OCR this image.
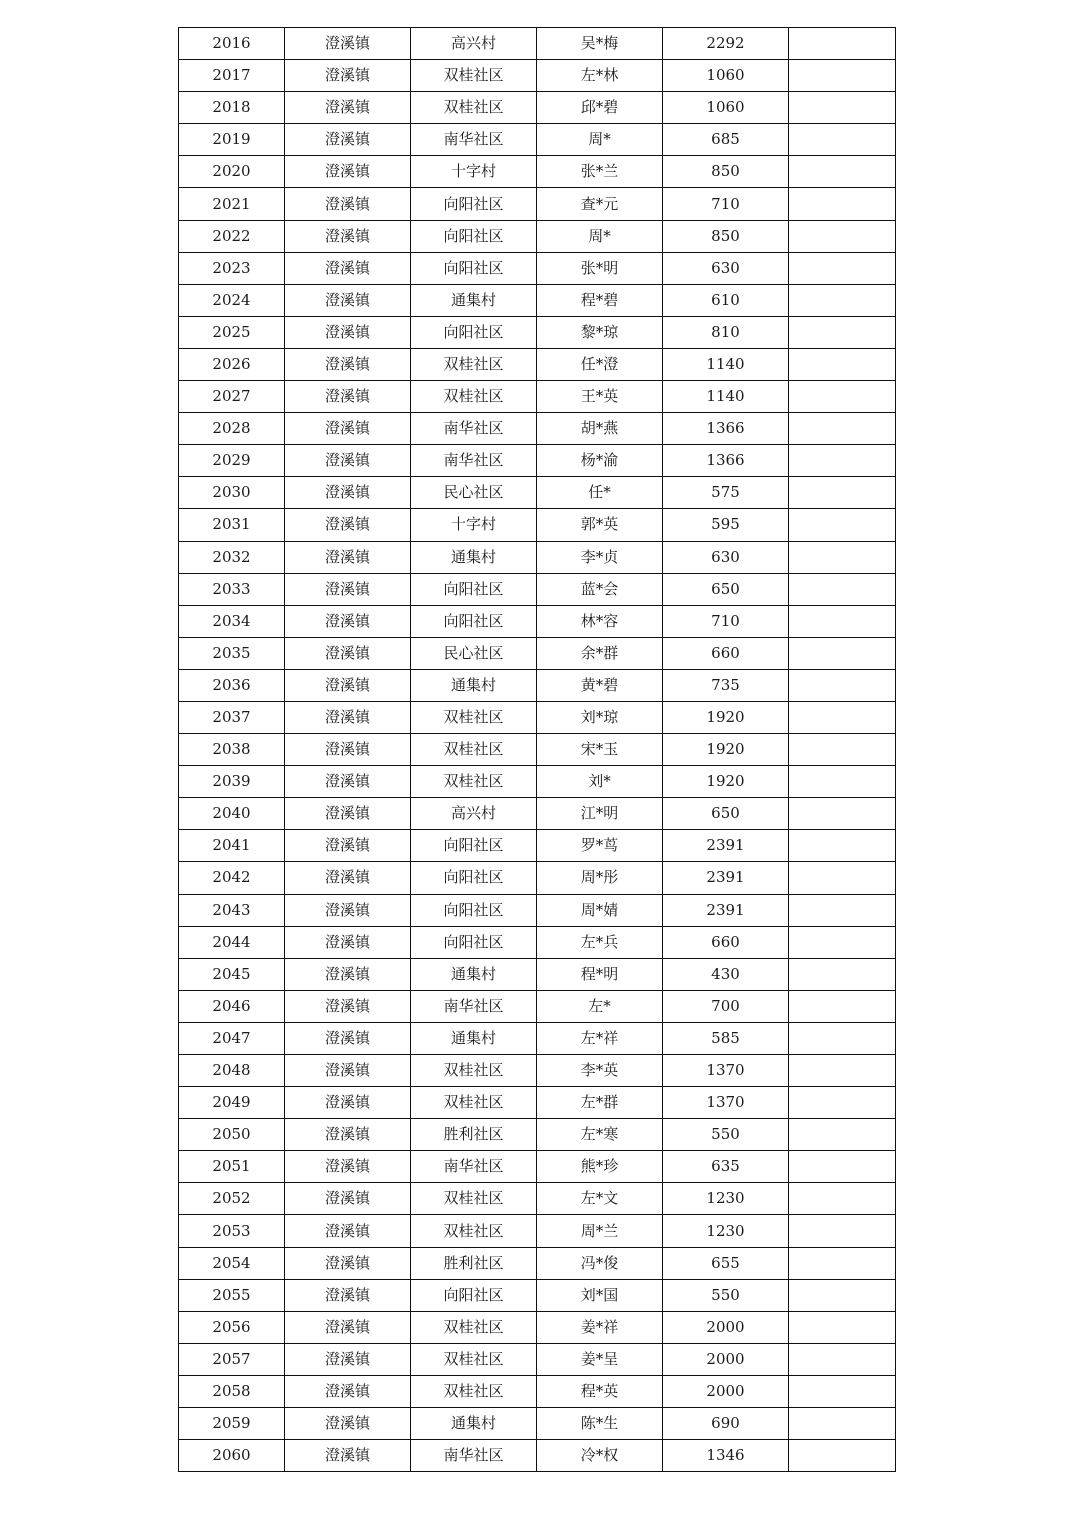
2016	澄溪镇	高兴村	吴*梅	2292	
2017	澄溪镇	双桂社区	左*林	1060	
2018	澄溪镇	双桂社区	邱*碧	1060	
2019	澄溪镇	南华社区	周*	685	
2020	澄溪镇	十字村	张*兰	850	
2021	澄溪镇	向阳社区	查*元	710	
2022	澄溪镇	向阳社区	周*	850	
2023	澄溪镇	向阳社区	张*明	630	
2024	澄溪镇	通集村	程*碧	610	
2025	澄溪镇	向阳社区	黎*琼	810	
2026	澄溪镇	双桂社区	任*澄	1140	
2027	澄溪镇	双桂社区	王*英	1140	
2028	澄溪镇	南华社区	胡*燕	1366	
2029	澄溪镇	南华社区	杨*渝	1366	
2030	澄溪镇	民心社区	任*	575	
2031	澄溪镇	十字村	郭*英	595	
2032	澄溪镇	通集村	李*贞	630	
2033	澄溪镇	向阳社区	蓝*会	650	
2034	澄溪镇	向阳社区	林*容	710	
2035	澄溪镇	民心社区	余*群	660	
2036	澄溪镇	通集村	黄*碧	735	
2037	澄溪镇	双桂社区	刘*琼	1920	
2038	澄溪镇	双桂社区	宋*玉	1920	
2039	澄溪镇	双桂社区	刘*	1920	
2040	澄溪镇	高兴村	江*明	650	
2041	澄溪镇	向阳社区	罗*茑	2391	
2042	澄溪镇	向阳社区	周*彤	2391	
2043	澄溪镇	向阳社区	周*婧	2391	
2044	澄溪镇	向阳社区	左*兵	660	
2045	澄溪镇	通集村	程*明	430	
2046	澄溪镇	南华社区	左*	700	
2047	澄溪镇	通集村	左*祥	585	
2048	澄溪镇	双桂社区	李*英	1370	
2049	澄溪镇	双桂社区	左*群	1370	
2050	澄溪镇	胜利社区	左*寒	550	
2051	澄溪镇	南华社区	熊*珍	635	
2052	澄溪镇	双桂社区	左*文	1230	
2053	澄溪镇	双桂社区	周*兰	1230	
2054	澄溪镇	胜利社区	冯*俊	655	
2055	澄溪镇	向阳社区	刘*国	550	
2056	澄溪镇	双桂社区	姜*祥	2000	
2057	澄溪镇	双桂社区	姜*呈	2000	
2058	澄溪镇	双桂社区	程*英	2000	
2059	澄溪镇	通集村	陈*生	690	
2060	澄溪镇	南华社区	冷*权	1346	
